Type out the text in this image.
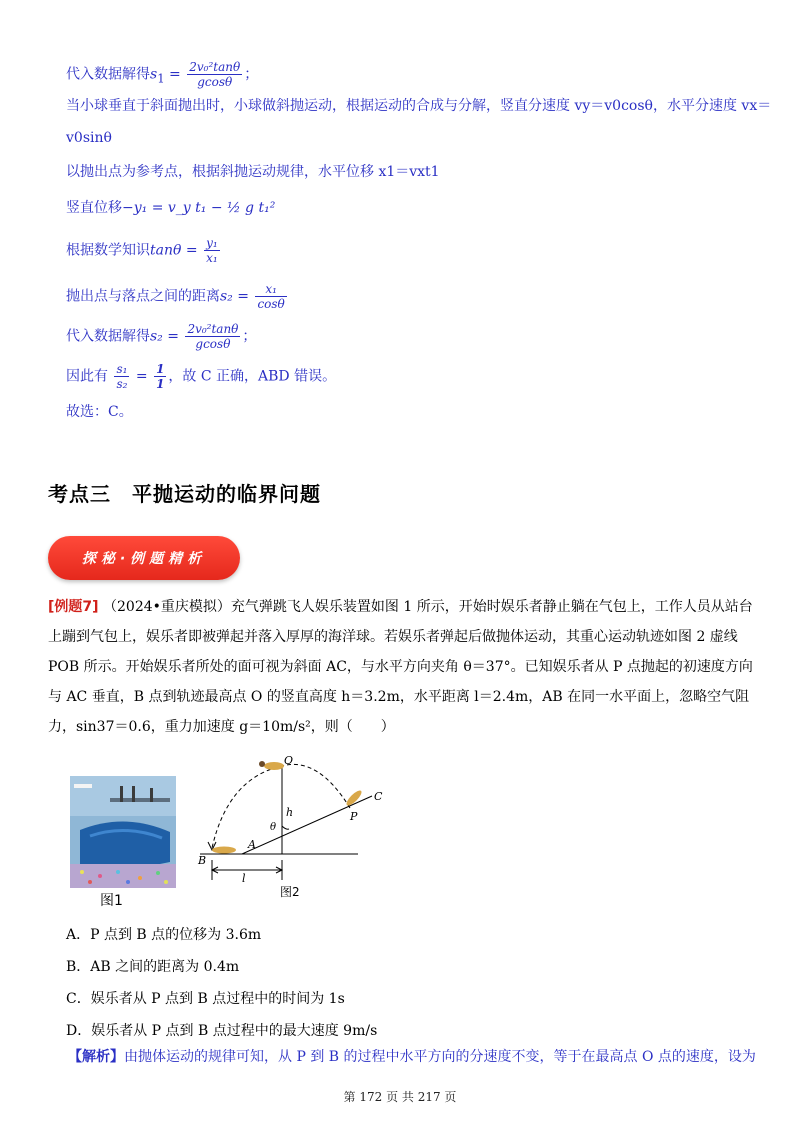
代入数据解得$s_1 = \frac{\text{2v₀²tanθ}}{gcos\theta}$ ；
当小球垂直于斜面抛出时，小球做斜抛运动，根据运动的合成与分解，竖直分速度 vy＝v0cosθ，水平分速度 vx＝
v0sinθ
以抛出点为参考点，根据斜抛运动规律，水平位移 x1＝vxt1
竖直位移−y₁ = v_y t₁ − ½ g t₁²
根据数学知识$\tan\theta = \frac{\text{y₁}}{\text{x₁}}$
抛出点与落点之间的距离$s_2 = \frac{\text{x₁}}{\cos\theta}$
代入数据解得$s_2 = \frac{\text{2v₀²tanθ}}{gcos\theta}$ ；
因此有 $\frac{\text{s₁}}{\text{s₂}} = \frac{1}{1}$ ，故 C 正确，ABD 错误。
故选：C。
考点三　平抛运动的临界问题
探秘·例题精析
[例题7] （2024•重庆模拟）充气弹跳飞人娱乐装置如图 1 所示，开始时娱乐者静止躺在气包上，工作人员从站台上蹦到气包上，娱乐者即被弹起并落入厚厚的海洋球。若娱乐者弹起后做抛体运动，其重心运动轨迹如图 2 虚线 POB 所示。开始娱乐者所处的面可视为斜面 AC，与水平方向夹角 θ＝37°。已知娱乐者从 P 点抛起的初速度方向与 AC 垂直，B 点到轨迹最高点 O 的竖直高度 h＝3.2m，水平距离 l＝2.4m，AB 在同一水平面上，忽略空气阻力，sin37＝0.6，重力加速度 g＝10m/s²，则（　　）
图1
O
C
P
h
θ
A
B
l
图2
A．P 点到 B 点的位移为 3.6m
B．AB 之间的距离为 0.4m
C．娱乐者从 P 点到 B 点过程中的时间为 1s
D．娱乐者从 P 点到 B 点过程中的最大速度 9m/s
【解析】由抛体运动的规律可知，从 P 到 B 的过程中水平方向的分速度不变，等于在最高点 O 点的速度，设为
第 172 页 共 217 页
